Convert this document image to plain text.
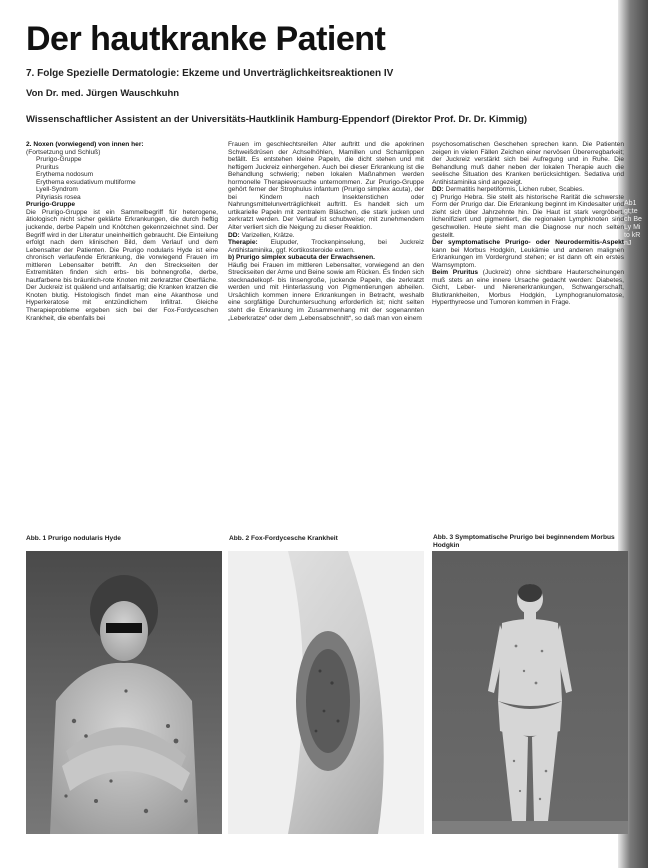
Ab1 gt;te ch BeLy Mi to kRnJ
Der hautkranke Patient
7. Folge Spezielle Dermatologie: Ekzeme und Unverträglichkeitsreaktionen IV
Von Dr. med. Jürgen Wauschkuhn
Wissenschaftlicher Assistent an der Universitäts-Hautklinik Hamburg-Eppendorf (Direktor Prof. Dr. Dr. Kimmig)

2. Noxen (vorwiegend) von innen her:

(Fortsetzung und Schluß)

Prurigo-Gruppe

Pruritus

Erythema nodosum

Erythema exsudativum multiforme

Lyell-Syndrom

Pityriasis rosea

Prurigo-Gruppe

Die Prurigo-Gruppe ist ein Sammelbegriff für heterogene, ätiologisch nicht sicher geklärte Erkrankungen, die durch heftig juckende, derbe Papeln und Knötchen gekennzeichnet sind. Der Begriff wird in der Literatur uneinheitlich gebraucht. Die Einteilung erfolgt nach dem klinischen Bild, dem Verlauf und dem Lebensalter der Patienten. Die Prurigo nodularis Hyde ist eine chronisch verlaufende Erkrankung, die vorwiegend Frauen im mittleren Lebensalter betrifft. An den Streckseiten der Extremitäten finden sich erbs- bis bohnengroße, derbe, hautfarbene bis bräunlich-rote Knoten mit zerkratzter Oberfläche. Der Juckreiz ist quälend und anfallsartig; die Kranken kratzen die Knoten blutig. Histologisch findet man eine Akanthose und Hyperkeratose mit entzündlichem Infiltrat. Gleiche Therapieprobleme ergeben sich bei der Fox-Fordyceschen Krankheit, die ebenfalls bei

Frauen im geschlechtsreifen Alter auftritt und die apokrinen Schweißdrüsen der Achselhöhlen, Mamillen und Schamlippen befällt. Es entstehen kleine Papeln, die dicht stehen und mit heftigem Juckreiz einhergehen. Auch bei dieser Erkrankung ist die Behandlung schwierig; neben lokalen Maßnahmen werden hormonelle Therapieversuche unternommen. Zur Prurigo-Gruppe gehört ferner der Strophulus infantum (Prurigo simplex acuta), der bei Kindern nach Insektenstichen oder Nahrungsmittelunverträglichkeit auftritt. Es handelt sich um urtikarielle Papeln mit zentralem Bläschen, die stark jucken und zerkratzt werden. Der Verlauf ist schubweise; mit zunehmendem Alter verliert sich die Neigung zu dieser Reaktion.

DD: Varizellen, Krätze.

Therapie: Eiupuder, Trockenpinselung, bei Juckreiz Antihistaminika, ggf. Kortikosteroide extern.

b) Prurigo simplex subacuta der Erwachsenen.

Häufig bei Frauen im mittleren Lebensalter, vorwiegend an den Streckseiten der Arme und Beine sowie am Rücken. Es finden sich stecknadelkopf- bis linsengroße, juckende Papeln, die zerkratzt werden und mit Hinterlassung von Pigmentierungen abheilen. Ursächlich kommen innere Erkrankungen in Betracht, weshalb eine sorgfältige Durchuntersuchung erforderlich ist; nicht selten steht die Erkrankung im Zusammenhang mit der sogenannten „Leberkratze“ oder dem „Lebensabschnitt“, so daß man von einem

psychosomatischen Geschehen sprechen kann. Die Patienten zeigen in vielen Fällen Zeichen einer nervösen Übererregbarkeit; der Juckreiz verstärkt sich bei Aufregung und in Ruhe. Die Behandlung muß daher neben der lokalen Therapie auch die seelische Situation des Kranken berücksichtigen. Sedativa und Antihistaminika sind angezeigt.

DD: Dermatitis herpetiformis, Lichen ruber, Scabies.

c) Prurigo Hebra. Sie stellt als historische Rarität die schwerste Form der Prurigo dar. Die Erkrankung beginnt im Kindesalter und zieht sich über Jahrzehnte hin. Die Haut ist stark vergröbert, lichenifiziert und pigmentiert, die regionalen Lymphknoten sind geschwollen. Heute sieht man die Diagnose nur noch selten gestellt.

Der symptomatische Prurigo- oder Neurodermitis-Aspekt kann bei Morbus Hodgkin, Leukämie und anderen malignen Erkrankungen im Vordergrund stehen; er ist dann oft ein erstes Warnsymptom.

Beim Pruritus (Juckreiz) ohne sichtbare Hauterscheinungen muß stets an eine innere Ursache gedacht werden: Diabetes, Gicht, Leber- und Nierenerkrankungen, Schwangerschaft, Blutkrankheiten, Morbus Hodgkin, Lymphogranulomatose, Hyperthyreose und Tumoren kommen in Frage.

Abb. 1 Prurigo nodularis Hyde	Abb. 2 Fox-Fordycesche Krankheit	Abb. 3 Symptomatische Prurigo bei beginnendem Morbus Hodgkin
